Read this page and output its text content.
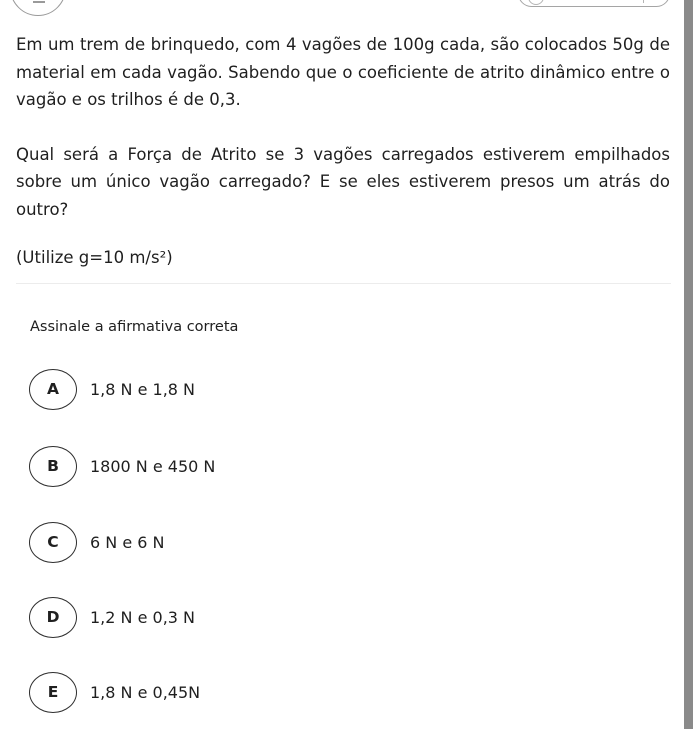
Em um trem de brinquedo, com 4 vagões de 100g cada, são colocados 50g de material em cada vagão. Sabendo que o coeficiente de atrito dinâmico entre o vagão e os trilhos é de 0,3.

Qual será a Força de Atrito se 3 vagões carregados estiverem empilhados sobre um único vagão carregado? E se eles estiverem presos um atrás do outro?

(Utilize g=10 m/s²)
Assinale a afirmativa correta
A	1,8 N e 1,8 N
B	1800 N e 450 N
C	6 N e 6 N
D	1,2 N e 0,3 N
E	1,8 N e 0,45N
